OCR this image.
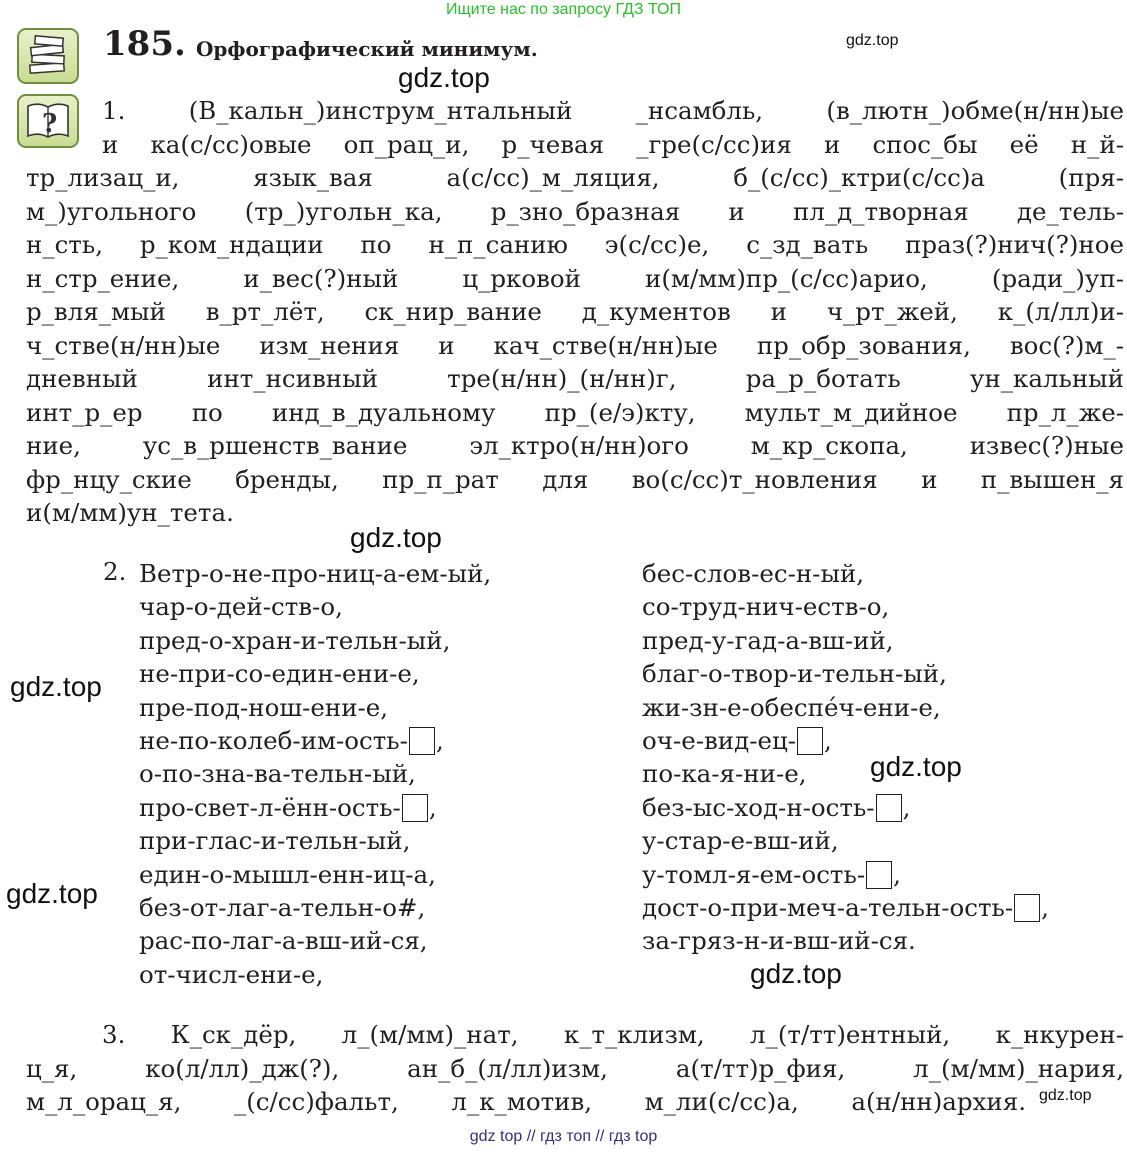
Ищите нас по запросу ГДЗ ТОП
?
185. Орфографический минимум.
1. (В_кальн_)инструм_нтальный _нсамбль, (в_лютн_)обме(н/нн)ые
и ка(с/сс)овые оп_рац_и, р_чевая _грe(с/сс)ия и спос_бы её н_й-
тр_лизац_и, язык_вая а(с/сс)_м_ляция, б_(с/сс)_ктри(с/сс)а (пря-
м_)угольного (тр_)угольн_ка, р_зно_бразная и пл_д_творная де_тель-
н_сть, р_ком_ндации по н_п_санию э(с/сс)е, с_зд_вать праз(?)нич(?)ное
н_стр_ение, и_вес(?)ный ц_рковой и(м/мм)пр_(с/сс)арио, (ради_)уп-
р_вля_мый в_рт_лёт, ск_нир_вание д_кументов и ч_рт_жей, к_(л/лл)и-
ч_стве(н/нн)ые изм_нения и кач_стве(н/нн)ые пр_обр_зования, вос(?)м_-
дневный инт_нсивный тре(н/нн)_(н/нн)г, ра_р_ботать ун_кальный
инт_р_ер по инд_в_дуальному пр_(е/э)кту, мульт_м_дийное пр_л_же-
ние, ус_в_ршенств_вание эл_ктро(н/нн)ого м_кр_скопа, извес(?)ные
фр_нцу_ские бренды, пр_п_рат для во(с/сс)т_новления и п_вышен_я
и(м/мм)ун_тета.
2. Ветр-о-не-про-ниц-а-ем-ый,
чар-о-дей-ств-о,
пред-о-хран-и-тельн-ый,
не-при-со-един-ени-е,
пре-под-нош-ени-е,
не-по-колеб-им-ость- ,
о-по-зна-ва-тельн-ый,
про-свет-л-ённ-ость- ,
при-глас-и-тельн-ый,
един-о-мышл-енн-иц-а,
без-от-лаг-а-тельн-о#,
рас-по-лаг-а-вш-ий-ся,
от-числ-ени-е,
бес-слов-ес-н-ый,
со-труд-нич-еств-о,
пред-у-гад-а-вш-ий,
благ-о-твор-и-тельн-ый,
жи-зн-е-обеспе́ч-ени-е,
оч-е-вид-ец- ,
по-ка-я-ни-е,
без-ыс-ход-н-ость- ,
у-стар-е-вш-ий,
у-томл-я-ем-ость- ,
дост-о-при-меч-а-тельн-ость- ,
за-гряз-н-и-вш-ий-ся.
3. К_ск_дёр, л_(м/мм)_нат, к_т_клизм, л_(т/тт)ентный, к_нкурен-
ц_я, ко(л/лл)_дж(?), ан_б_(л/лл)изм, а(т/тт)р_фия, л_(м/мм)_нария,
м_л_орац_я, _(с/сс)фальт, л_к_мотив, м_ли(с/сс)а, а(н/нн)архия.
gdz.top
gdz.top
gdz.top
gdz.top
gdz.top
gdz.top
gdz.top
gdz.top
gdz top // гдз топ // гдз top
